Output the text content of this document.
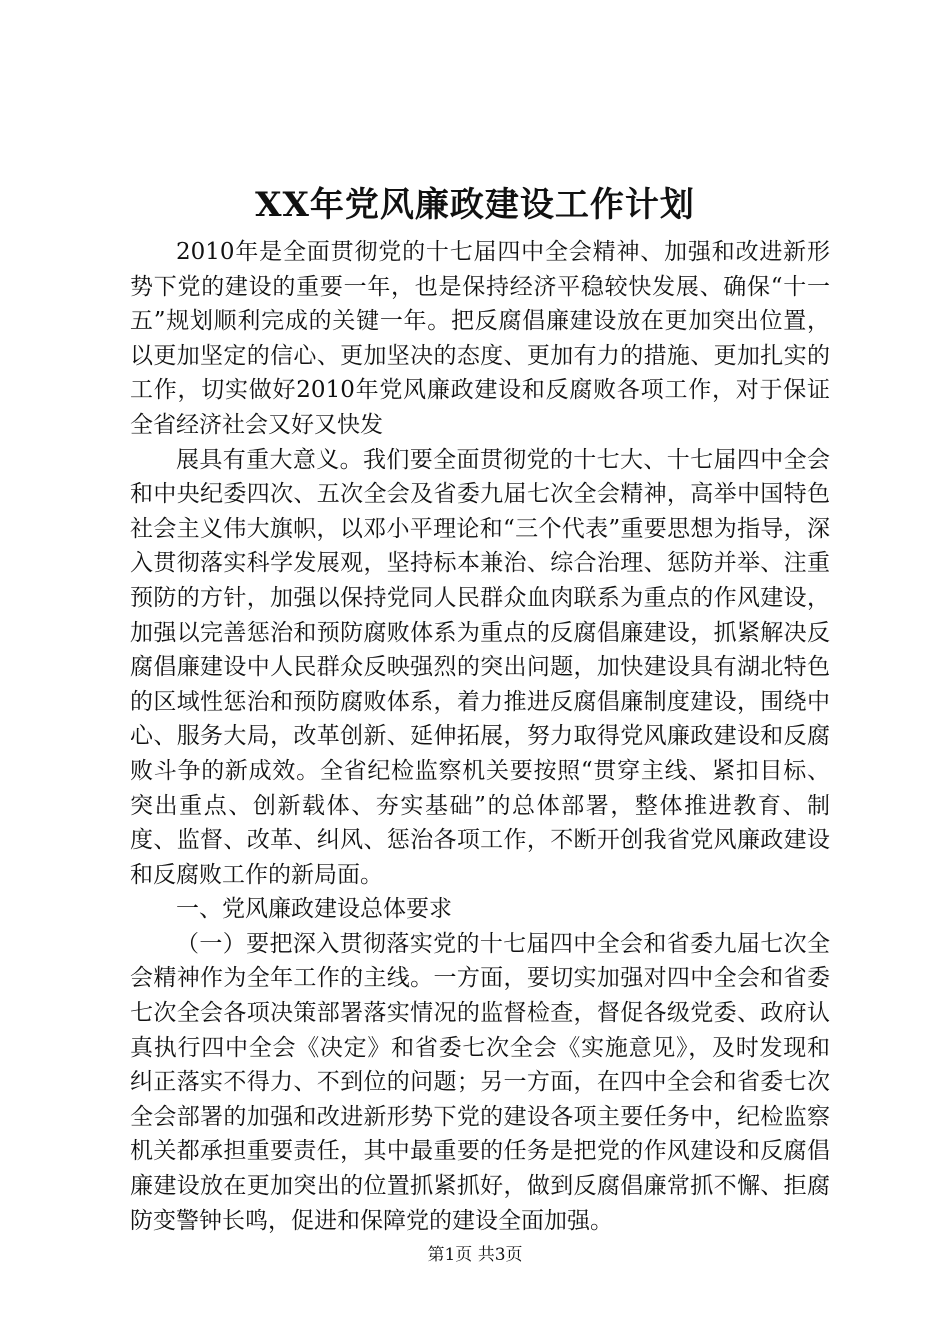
XX年党风廉政建设工作计划

2010年是全面贯彻党的十七届四中全会精神、加强和改进新形势下党的建设的重要一年，也是保持经济平稳较快发展、确保“十一五”规划顺利完成的关键一年。把反腐倡廉建设放在更加突出位置，以更加坚定的信心、更加坚决的态度、更加有力的措施、更加扎实的工作，切实做好2010年党风廉政建设和反腐败各项工作，对于保证全省经济社会又好又快发

展具有重大意义。我们要全面贯彻党的十七大、十七届四中全会和中央纪委四次、五次全会及省委九届七次全会精神，高举中国特色社会主义伟大旗帜，以邓小平理论和“三个代表”重要思想为指导，深入贯彻落实科学发展观，坚持标本兼治、综合治理、惩防并举、注重预防的方针，加强以保持党同人民群众血肉联系为重点的作风建设，加强以完善惩治和预防腐败体系为重点的反腐倡廉建设，抓紧解决反腐倡廉建设中人民群众反映强烈的突出问题，加快建设具有湖北特色的区域性惩治和预防腐败体系，着力推进反腐倡廉制度建设，围绕中心、服务大局，改革创新、延伸拓展，努力取得党风廉政建设和反腐败斗争的新成效。全省纪检监察机关要按照“贯穿主线、紧扣目标、突出重点、创新载体、夯实基础”的总体部署，整体推进教育、制度、监督、改革、纠风、惩治各项工作，不断开创我省党风廉政建设和反腐败工作的新局面。

一、党风廉政建设总体要求

（一）要把深入贯彻落实党的十七届四中全会和省委九届七次全会精神作为全年工作的主线。一方面，要切实加强对四中全会和省委七次全会各项决策部署落实情况的监督检查，督促各级党委、政府认真执行四中全会《决定》和省委七次全会《实施意见》，及时发现和纠正落实不得力、不到位的问题；另一方面，在四中全会和省委七次全会部署的加强和改进新形势下党的建设各项主要任务中，纪检监察机关都承担重要责任，其中最重要的任务是把党的作风建设和反腐倡廉建设放在更加突出的位置抓紧抓好，做到反腐倡廉常抓不懈、拒腐防变警钟长鸣，促进和保障党的建设全面加强。

第1页 共3页
